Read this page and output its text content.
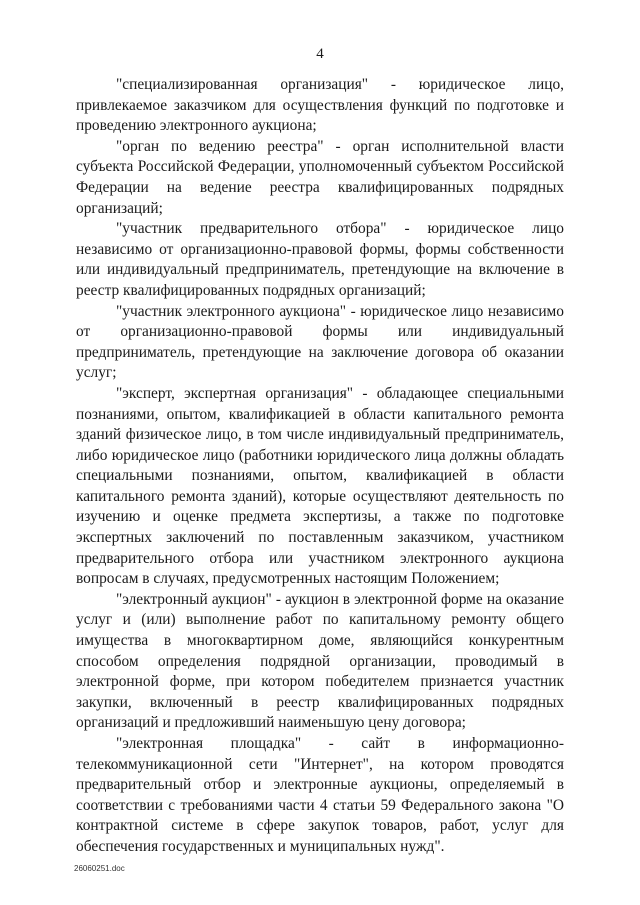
4

"специализированная организация" - юридическое лицо, привлекаемое заказчиком для осуществления функций по подготовке и проведению электронного аукциона;

"орган по ведению реестра" - орган исполнительной власти субъекта Российской Федерации, уполномоченный субъектом Российской Федерации на ведение реестра квалифицированных подрядных организаций;

"участник предварительного отбора" - юридическое лицо независимо от организационно-правовой формы, формы собственности или индивидуальный предприниматель, претендующие на включение в реестр квалифицированных подрядных организаций;

"участник электронного аукциона" - юридическое лицо независимо от организационно-правовой формы или индивидуальный предприниматель, претендующие на заключение договора об оказании услуг;

"эксперт, экспертная организация" - обладающее специальными познаниями, опытом, квалификацией в области капитального ремонта зданий физическое лицо, в том числе индивидуальный предприниматель, либо юридическое лицо (работники юридического лица должны обладать специальными познаниями, опытом, квалификацией в области капитального ремонта зданий), которые осуществляют деятельность по изучению и оценке предмета экспертизы, а также по подготовке экспертных заключений по поставленным заказчиком, участником предварительного отбора или участником электронного аукциона вопросам в случаях, предусмотренных настоящим Положением;

"электронный аукцион" - аукцион в электронной форме на оказание услуг и (или) выполнение работ по капитальному ремонту общего имущества в многоквартирном доме, являющийся конкурентным способом определения подрядной организации, проводимый в электронной форме, при котором победителем признается участник закупки, включенный в реестр квалифицированных подрядных организаций и предложивший наименьшую цену договора;

"электронная площадка" - сайт в информационно-телекоммуникационной сети "Интернет", на котором проводятся предварительный отбор и электронные аукционы, определяемый в соответствии с требованиями части 4 статьи 59 Федерального закона "О контрактной системе в сфере закупок товаров, работ, услуг для обеспечения государственных и муниципальных нужд".

26060251.doc
